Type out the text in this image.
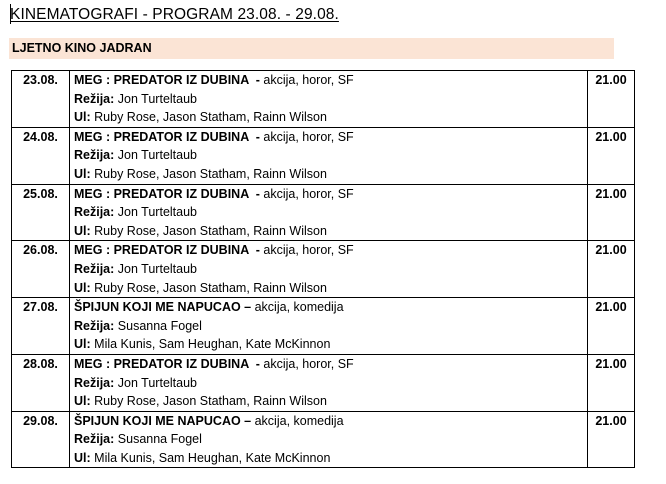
KINEMATOGRAFI - PROGRAM 23.08. - 29.08.
LJETNO KINO JADRAN
23.08.	MEG : PREDATOR IZ DUBINA  - akcija, horor, SF
Režija: Jon Turteltaub
Ul: Ruby Rose, Jason Statham, Rainn Wilson	21.00
24.08.	MEG : PREDATOR IZ DUBINA  - akcija, horor, SF
Režija: Jon Turteltaub
Ul: Ruby Rose, Jason Statham, Rainn Wilson	21.00
25.08.	MEG : PREDATOR IZ DUBINA  - akcija, horor, SF
Režija: Jon Turteltaub
Ul: Ruby Rose, Jason Statham, Rainn Wilson	21.00
26.08.	MEG : PREDATOR IZ DUBINA  - akcija, horor, SF
Režija: Jon Turteltaub
Ul: Ruby Rose, Jason Statham, Rainn Wilson	21.00
27.08.	ŠPIJUN KOJI ME NAPUCAO – akcija, komedija
Režija: Susanna Fogel
Ul: Mila Kunis, Sam Heughan, Kate McKinnon	21.00
28.08.	MEG : PREDATOR IZ DUBINA  - akcija, horor, SF
Režija: Jon Turteltaub
Ul: Ruby Rose, Jason Statham, Rainn Wilson	21.00
29.08.	ŠPIJUN KOJI ME NAPUCAO – akcija, komedija
Režija: Susanna Fogel
Ul: Mila Kunis, Sam Heughan, Kate McKinnon	21.00
